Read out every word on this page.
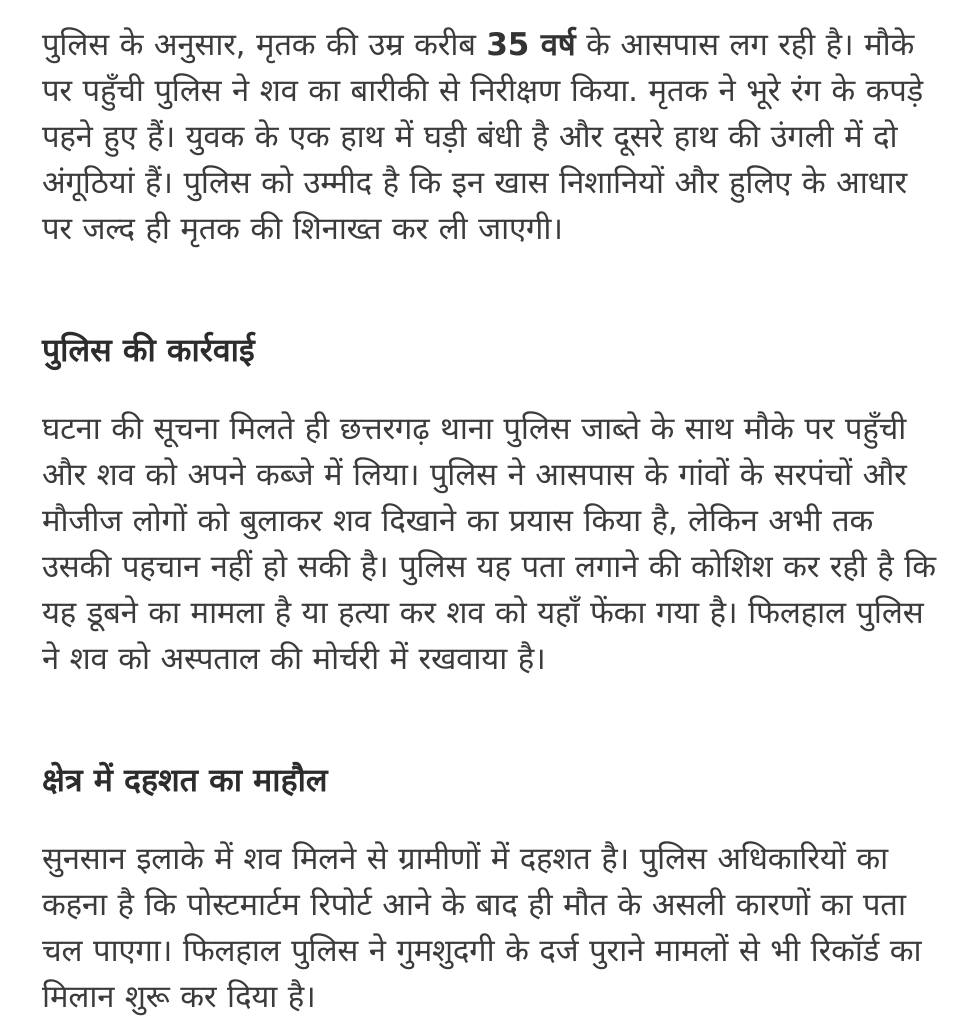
पुलिस के अनुसार, मृतक की उम्र करीब 35 वर्ष के आसपास लग रही है। मौके पर पहुँची पुलिस ने शव का बारीकी से निरीक्षण किया. मृतक ने भूरे रंग के कपड़े पहने हुए हैं। युवक के एक हाथ में घड़ी बंधी है और दूसरे हाथ की उंगली में दो अंगूठियां हैं। पुलिस को उम्मीद है कि इन खास निशानियों और हुलिए के आधार पर जल्द ही मृतक की शिनाख्त कर ली जाएगी।

पुलिस की कार्रवाई

घटना की सूचना मिलते ही छत्तरगढ़ थाना पुलिस जाब्ते के साथ मौके पर पहुँची और शव को अपने कब्जे में लिया। पुलिस ने आसपास के गांवों के सरपंचों और मौजीज लोगों को बुलाकर शव दिखाने का प्रयास किया है, लेकिन अभी तक उसकी पहचान नहीं हो सकी है। पुलिस यह पता लगाने की कोशिश कर रही है कि यह डूबने का मामला है या हत्या कर शव को यहाँ फेंका गया है। फिलहाल पुलिस ने शव को अस्पताल की मोर्चरी में रखवाया है।

क्षेत्र में दहशत का माहौल

सुनसान इलाके में शव मिलने से ग्रामीणों में दहशत है। पुलिस अधिकारियों का कहना है कि पोस्टमार्टम रिपोर्ट आने के बाद ही मौत के असली कारणों का पता चल पाएगा। फिलहाल पुलिस ने गुमशुदगी के दर्ज पुराने मामलों से भी रिकॉर्ड का मिलान शुरू कर दिया है।
